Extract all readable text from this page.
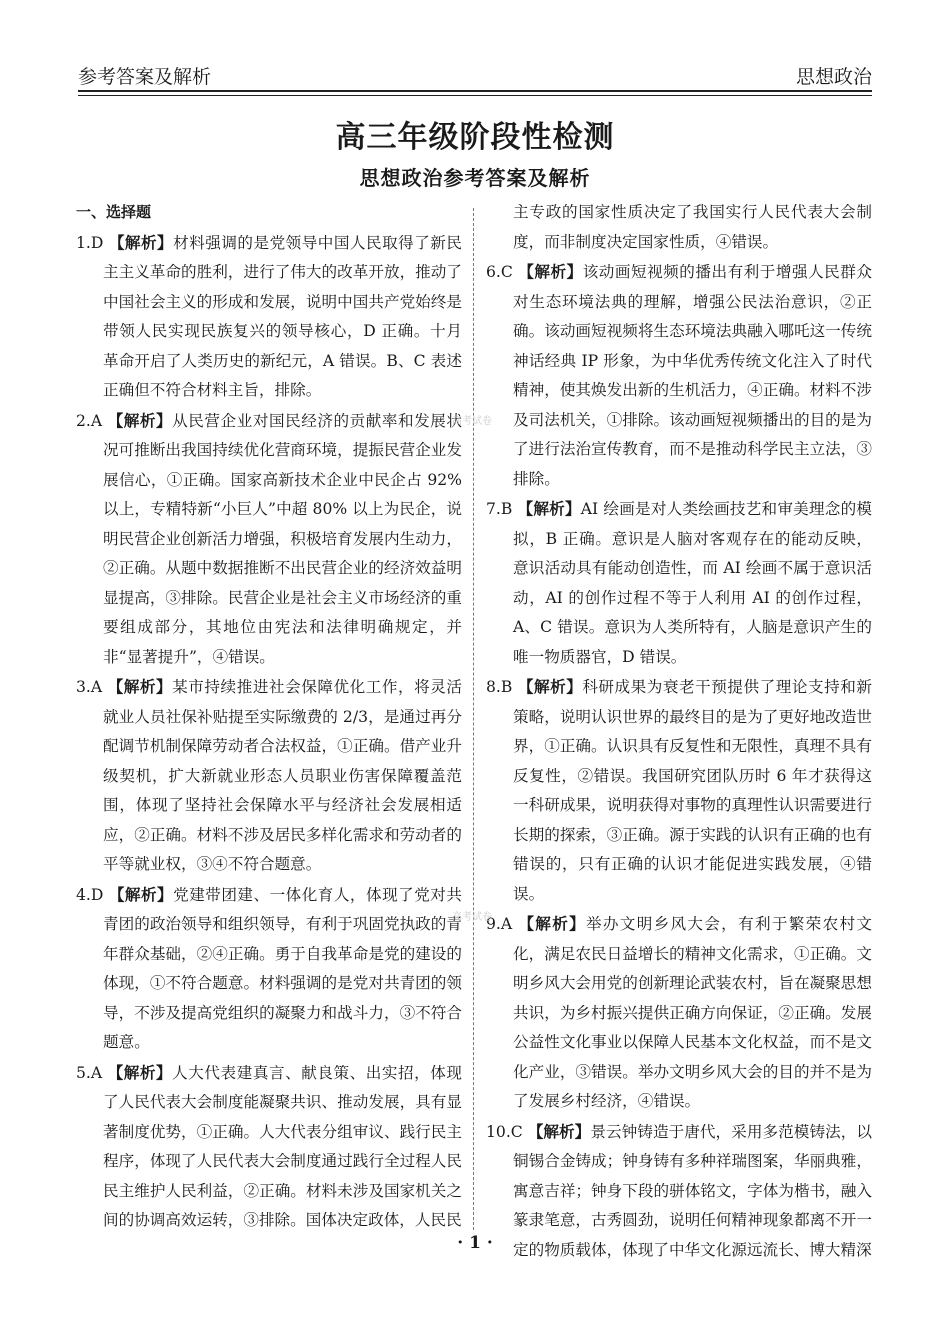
参考答案及解析	思想政治
高三年级阶段性检测
思想政治参考答案及解析
一、选择题
1.D 【解析】材料强调的是党领导中国人民取得了新民主主义革命的胜利，进行了伟大的改革开放，推动了中国社会主义的形成和发展，说明中国共产党始终是带领人民实现民族复兴的领导核心，D 正确。十月革命开启了人类历史的新纪元，A 错误。B、C 表述正确但不符合材料主旨，排除。
2.A 【解析】从民营企业对国民经济的贡献率和发展状况可推断出我国持续优化营商环境，提振民营企业发展信心，①正确。国家高新技术企业中民企占 92% 以上，专精特新“小巨人”中超 80% 以上为民企，说明民营企业创新活力增强，积极培育发展内生动力，②正确。从题中数据推断不出民营企业的经济效益明显提高，③排除。民营企业是社会主义市场经济的重要组成部分，其地位由宪法和法律明确规定，并非“显著提升”，④错误。
3.A 【解析】某市持续推进社会保障优化工作，将灵活就业人员社保补贴提至实际缴费的 2/3，是通过再分配调节机制保障劳动者合法权益，①正确。借产业升级契机，扩大新就业形态人员职业伤害保障覆盖范围，体现了坚持社会保障水平与经济社会发展相适应，②正确。材料不涉及居民多样化需求和劳动者的平等就业权，③④不符合题意。
4.D 【解析】党建带团建、一体化育人，体现了党对共青团的政治领导和组织领导，有利于巩固党执政的青年群众基础，②④正确。勇于自我革命是党的建设的体现，①不符合题意。材料强调的是党对共青团的领导，不涉及提高党组织的凝聚力和战斗力，③不符合题意。
5.A 【解析】人大代表建真言、献良策、出实招，体现了人民代表大会制度能凝聚共识、推动发展，具有显著制度优势，①正确。人大代表分组审议、践行民主程序，体现了人民代表大会制度通过践行全过程人民民主维护人民利益，②正确。材料未涉及国家机关之间的协调高效运转，③排除。国体决定政体，人民民
主专政的国家性质决定了我国实行人民代表大会制度，而非制度决定国家性质，④错误。
6.C 【解析】该动画短视频的播出有利于增强人民群众对生态环境法典的理解，增强公民法治意识，②正确。该动画短视频将生态环境法典融入哪吒这一传统神话经典 IP 形象，为中华优秀传统文化注入了时代精神，使其焕发出新的生机活力，④正确。材料不涉及司法机关，①排除。该动画短视频播出的目的是为了进行法治宣传教育，而不是推动科学民主立法，③排除。
7.B 【解析】AI 绘画是对人类绘画技艺和审美理念的模拟，B 正确。意识是人脑对客观存在的能动反映，意识活动具有能动创造性，而 AI 绘画不属于意识活动，AI 的创作过程不等于人利用 AI 的创作过程，A、C 错误。意识为人类所特有，人脑是意识产生的唯一物质器官，D 错误。
8.B 【解析】科研成果为衰老干预提供了理论支持和新策略，说明认识世界的最终目的是为了更好地改造世界，①正确。认识具有反复性和无限性，真理不具有反复性，②错误。我国研究团队历时 6 年才获得这一科研成果，说明获得对事物的真理性认识需要进行长期的探索，③正确。源于实践的认识有正确的也有错误的，只有正确的认识才能促进实践发展，④错误。
9.A 【解析】举办文明乡风大会，有利于繁荣农村文化，满足农民日益增长的精神文化需求，①正确。文明乡风大会用党的创新理论武装农村，旨在凝聚思想共识，为乡村振兴提供正确方向保证，②正确。发展公益性文化事业以保障人民基本文化权益，而不是文化产业，③错误。举办文明乡风大会的目的并不是为了发展乡村经济，④错误。
10.C 【解析】景云钟铸造于唐代，采用多范模铸法，以铜锡合金铸成；钟身铸有多种祥瑞图案，华丽典雅，寓意吉祥；钟身下段的骈体铭文，字体为楷书，融入篆隶笔意，古秀圆劲，说明任何精神现象都离不开一定的物质载体，体现了中华文化源远流长、博大精深
高考试卷
高考试卷
· 1 ·
